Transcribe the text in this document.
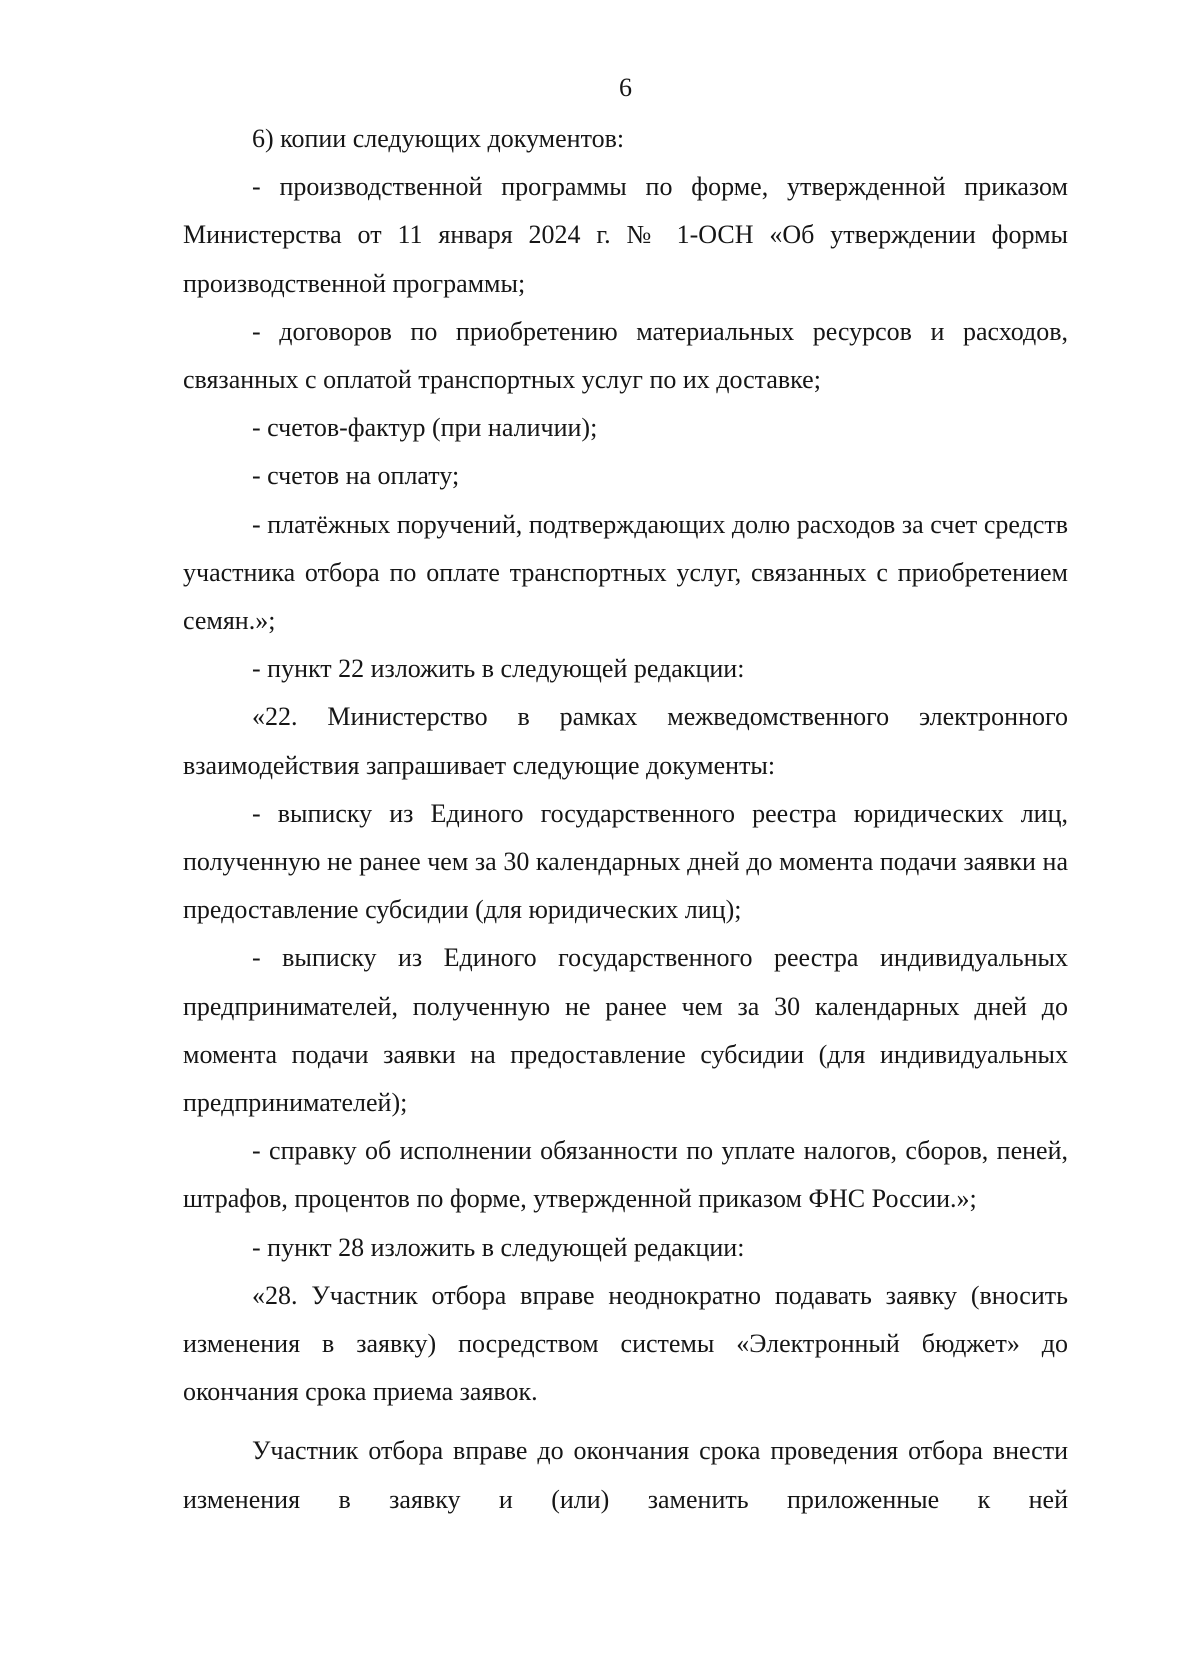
6

6) копии следующих документов:

- производственной программы по форме, утвержденной приказом Министерства от 11 января 2024 г. № 1-ОСН «Об утверждении формы производственной программы;

- договоров по приобретению материальных ресурсов и расходов, связанных с оплатой транспортных услуг по их доставке;

- счетов-фактур (при наличии);

- счетов на оплату;

- платёжных поручений, подтверждающих долю расходов за счет средств участника отбора по оплате транспортных услуг, связанных с приобретением семян.»;

- пункт 22 изложить в следующей редакции:

«22. Министерство в рамках межведомственного электронного взаимодействия запрашивает следующие документы:

- выписку из Единого государственного реестра юридических лиц, полученную не ранее чем за 30 календарных дней до момента подачи заявки на предоставление субсидии (для юридических лиц);

- выписку из Единого государственного реестра индивидуальных предпринимателей, полученную не ранее чем за 30 календарных дней до момента подачи заявки на предоставление субсидии (для индивидуальных предпринимателей);

- справку об исполнении обязанности по уплате налогов, сборов, пеней, штрафов, процентов по форме, утвержденной приказом ФНС России.»;

- пункт 28 изложить в следующей редакции:

«28. Участник отбора вправе неоднократно подавать заявку (вносить изменения в заявку) посредством системы «Электронный бюджет» до окончания срока приема заявок.

Участник отбора вправе до окончания срока проведения отбора внести изменения в заявку и (или) заменить приложенные к ней
